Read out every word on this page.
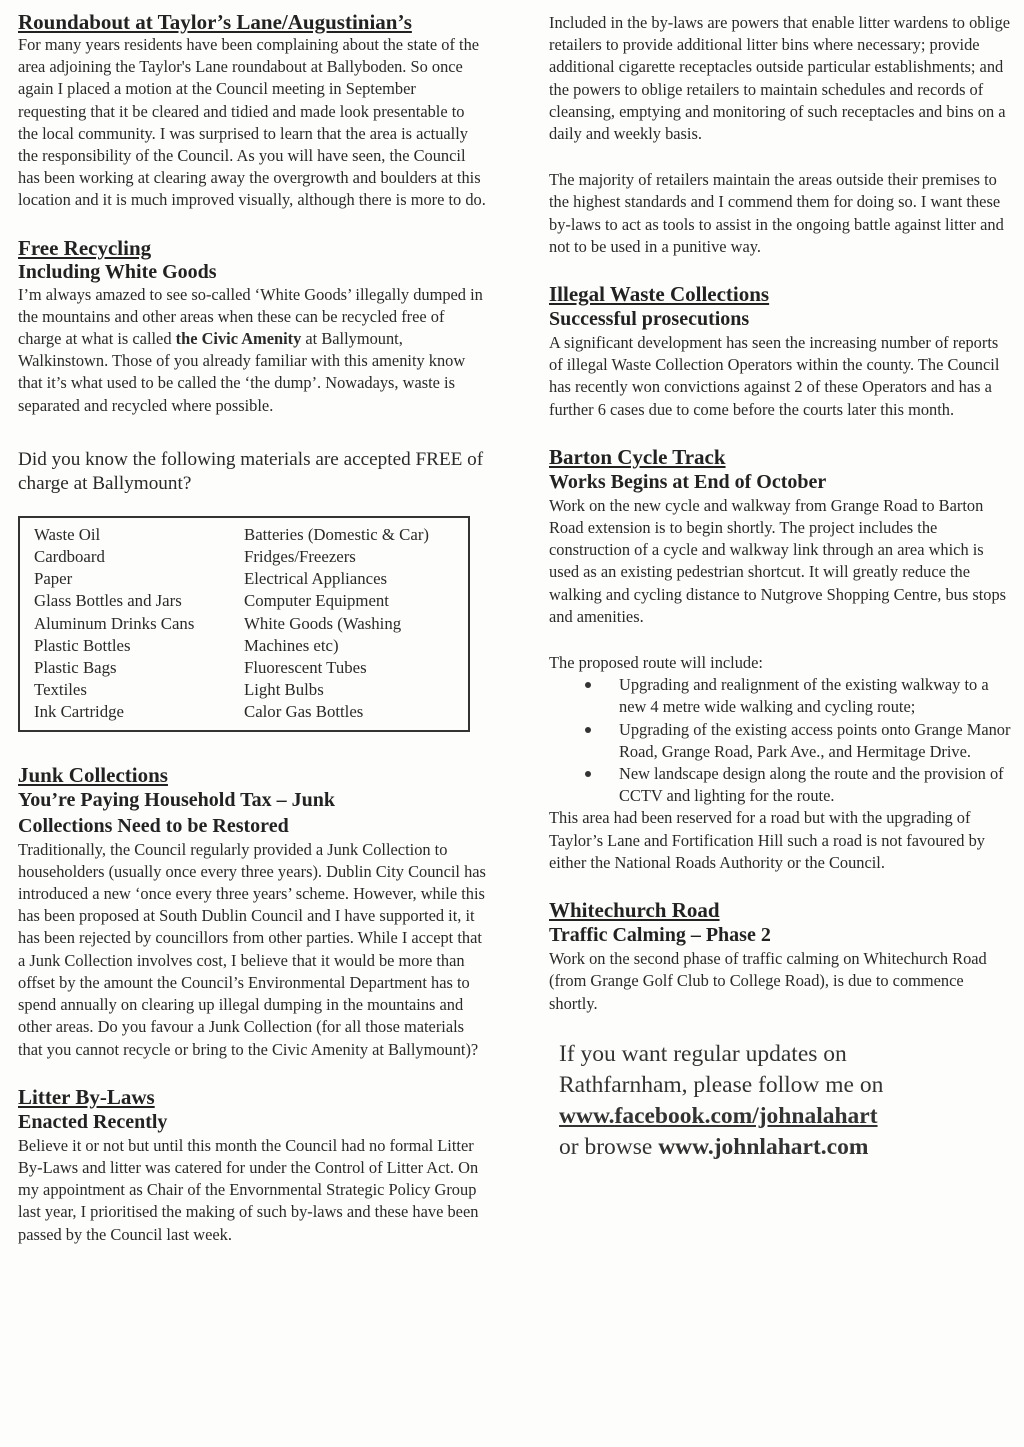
Roundabout at Taylor’s Lane/Augustinian’s

For many years residents have been complaining about the state of the area adjoining the Taylor's Lane roundabout at Ballyboden. So once again I placed a motion at the Council meeting in September requesting that it be cleared and tidied and made look presentable to the local community. I was surprised to learn that the area is actually the responsibility of the Council. As you will have seen, the Council has been working at clearing away the overgrowth and boulders at this location and it is much improved visually, although there is more to do.

Free Recycling
Including White Goods

I’m always amazed to see so-called ‘White Goods’ illegally dumped in the mountains and other areas when these can be recycled free of charge at what is called the Civic Amenity at Ballymount, Walkinstown. Those of you already familiar with this amenity know that it’s what used to be called the ‘the dump’. Nowadays, waste is separated and recycled where possible.

Did you know the following materials are accepted FREE of charge at Ballymount?

Waste Oil
Cardboard
Paper
Glass Bottles and Jars
Aluminum Drinks Cans
Plastic Bottles
Plastic Bags
Textiles
Ink Cartridge
Batteries (Domestic & Car)
Fridges/Freezers
Electrical Appliances
Computer Equipment
White Goods (Washing
Machines etc)
Fluorescent Tubes
Light Bulbs
Calor Gas Bottles
Junk Collections
You’re Paying Household Tax – Junk Collections Need to be Restored

Traditionally, the Council regularly provided a Junk Collection to householders (usually once every three years). Dublin City Council has introduced a new ‘once every three years’ scheme. However, while this has been proposed at South Dublin Council and I have supported it, it has been rejected by councillors from other parties. While I accept that a Junk Collection involves cost, I believe that it would be more than offset by the amount the Council’s Environmental Department has to spend annually on clearing up illegal dumping in the mountains and other areas. Do you favour a Junk Collection (for all those materials that you cannot recycle or bring to the Civic Amenity at Ballymount)?

Litter By-Laws
Enacted Recently

Believe it or not but until this month the Council had no formal Litter By-Laws and litter was catered for under the Control of Litter Act. On my appointment as Chair of the Envornmental Strategic Policy Group last year, I prioritised the making of such by-laws and these have been passed by the Council last week.

Included in the by-laws are powers that enable litter wardens to oblige retailers to provide additional litter bins where necessary; provide additional cigarette receptacles outside particular establishments; and the powers to oblige retailers to maintain schedules and records of cleansing, emptying and monitoring of such receptacles and bins on a daily and weekly basis.

The majority of retailers maintain the areas outside their premises to the highest standards and I commend them for doing so. I want these by-laws to act as tools to assist in the ongoing battle against litter and not to be used in a punitive way.

Illegal Waste Collections
Successful prosecutions

A significant development has seen the increasing number of reports of illegal Waste Collection Operators within the county. The Council has recently won convictions against 2 of these Operators and has a further 6 cases due to come before the courts later this month.

Barton Cycle Track
Works Begins at End of October

Work on the new cycle and walkway from Grange Road to Barton Road extension is to begin shortly. The project includes the construction of a cycle and walkway link through an area which is used as an existing pedestrian shortcut. It will greatly reduce the walking and cycling distance to Nutgrove Shopping Centre, bus stops and amenities.

The proposed route will include:

Upgrading and realignment of the existing walkway to a new 4 metre wide walking and cycling route;
Upgrading of the existing access points onto Grange Manor Road, Grange Road, Park Ave., and Hermitage Drive.
New landscape design along the route and the provision of CCTV and lighting for the route.

This area had been reserved for a road but with the upgrading of Taylor’s Lane and Fortification Hill such a road is not favoured by either the National Roads Authority or the Council.

Whitechurch Road
Traffic Calming – Phase 2

Work on the second phase of traffic calming on Whitechurch Road (from Grange Golf Club to College Road), is due to commence shortly.

If you want regular updates on
Rathfarnham, please follow me on
www.facebook.com/johnalahart
or browse www.johnlahart.com
